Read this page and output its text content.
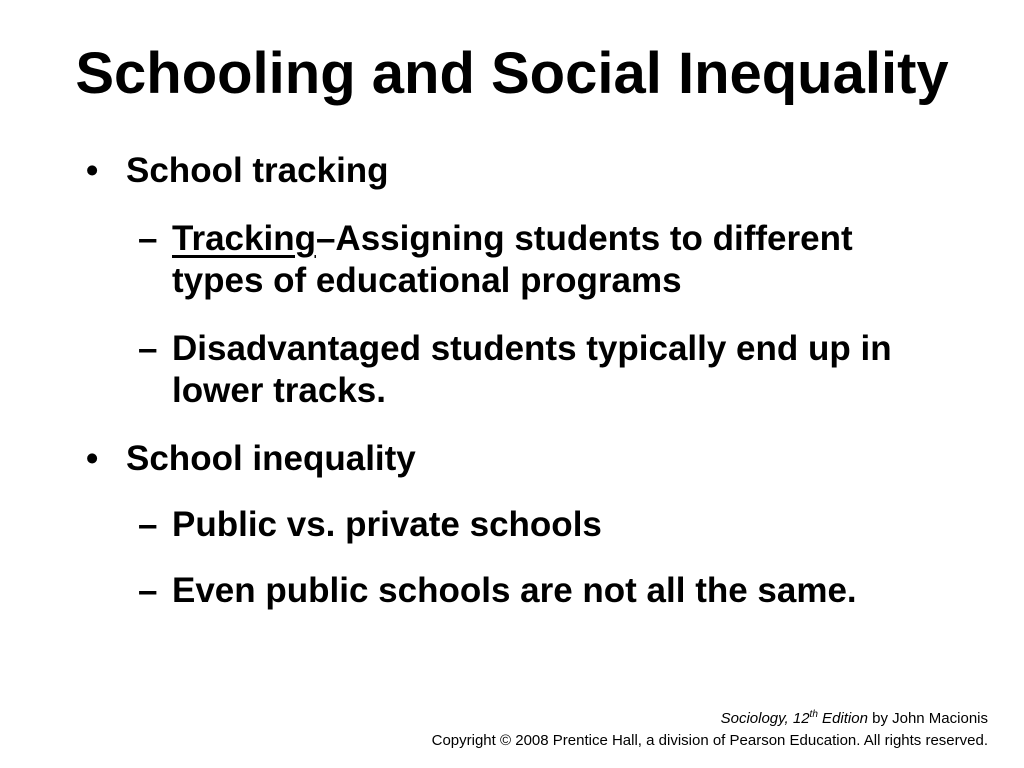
Schooling and Social Inequality
• School tracking
– Tracking–Assigning students to different types of educational programs
– Disadvantaged students typically end up in lower tracks.
• School inequality
– Public vs. private schools
– Even public schools are not all the same.
Sociology, 12th Edition by John Macionis
Copyright © 2008 Prentice Hall, a division of Pearson Education. All rights reserved.
